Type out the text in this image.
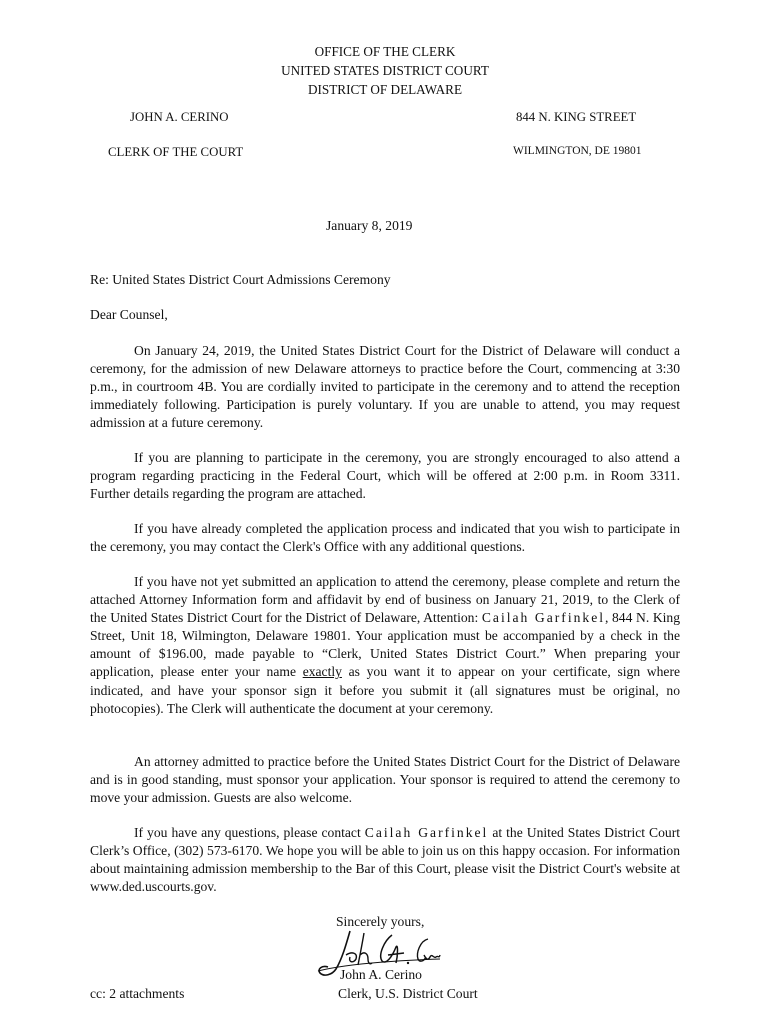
OFFICE OF THE CLERK
UNITED STATES DISTRICT COURT
DISTRICT OF DELAWARE
JOHN A. CERINO
CLERK OF THE COURT
844 N. KING STREET
WILMINGTON, DE 19801
January 8, 2019
Re: United States District Court Admissions Ceremony
Dear Counsel,

On January 24, 2019, the United States District Court for the District of Delaware will conduct a ceremony, for the admission of new Delaware attorneys to practice before the Court, commencing at 3:30 p.m., in courtroom 4B. You are cordially invited to participate in the ceremony and to attend the reception immediately following. Participation is purely voluntary. If you are unable to attend, you may request admission at a future ceremony.

If you are planning to participate in the ceremony, you are strongly encouraged to also attend a program regarding practicing in the Federal Court, which will be offered at 2:00 p.m. in Room 3311. Further details regarding the program are attached.

If you have already completed the application process and indicated that you wish to participate in the ceremony, you may contact the Clerk's Office with any additional questions.

If you have not yet submitted an application to attend the ceremony, please complete and return the attached Attorney Information form and affidavit by end of business on January 21, 2019, to the Clerk of the United States District Court for the District of Delaware, Attention: Cailah Garfinkel, 844 N. King Street, Unit 18, Wilmington, Delaware 19801. Your application must be accompanied by a check in the amount of $196.00, made payable to “Clerk, United States District Court.” When preparing your application, please enter your name exactly as you want it to appear on your certificate, sign where indicated, and have your sponsor sign it before you submit it (all signatures must be original, no photocopies). The Clerk will authenticate the document at your ceremony.

An attorney admitted to practice before the United States District Court for the District of Delaware and is in good standing, must sponsor your application. Your sponsor is required to attend the ceremony to move your admission. Guests are also welcome.

If you have any questions, please contact Cailah Garfinkel at the United States District Court Clerk’s Office, (302) 573-6170. We hope you will be able to join us on this happy occasion. For information about maintaining admission membership to the Bar of this Court, please visit the District Court's website at www.ded.uscourts.gov.

Sincerely yours,
John A. Cerino
Clerk, U.S. District Court
cc: 2 attachments
